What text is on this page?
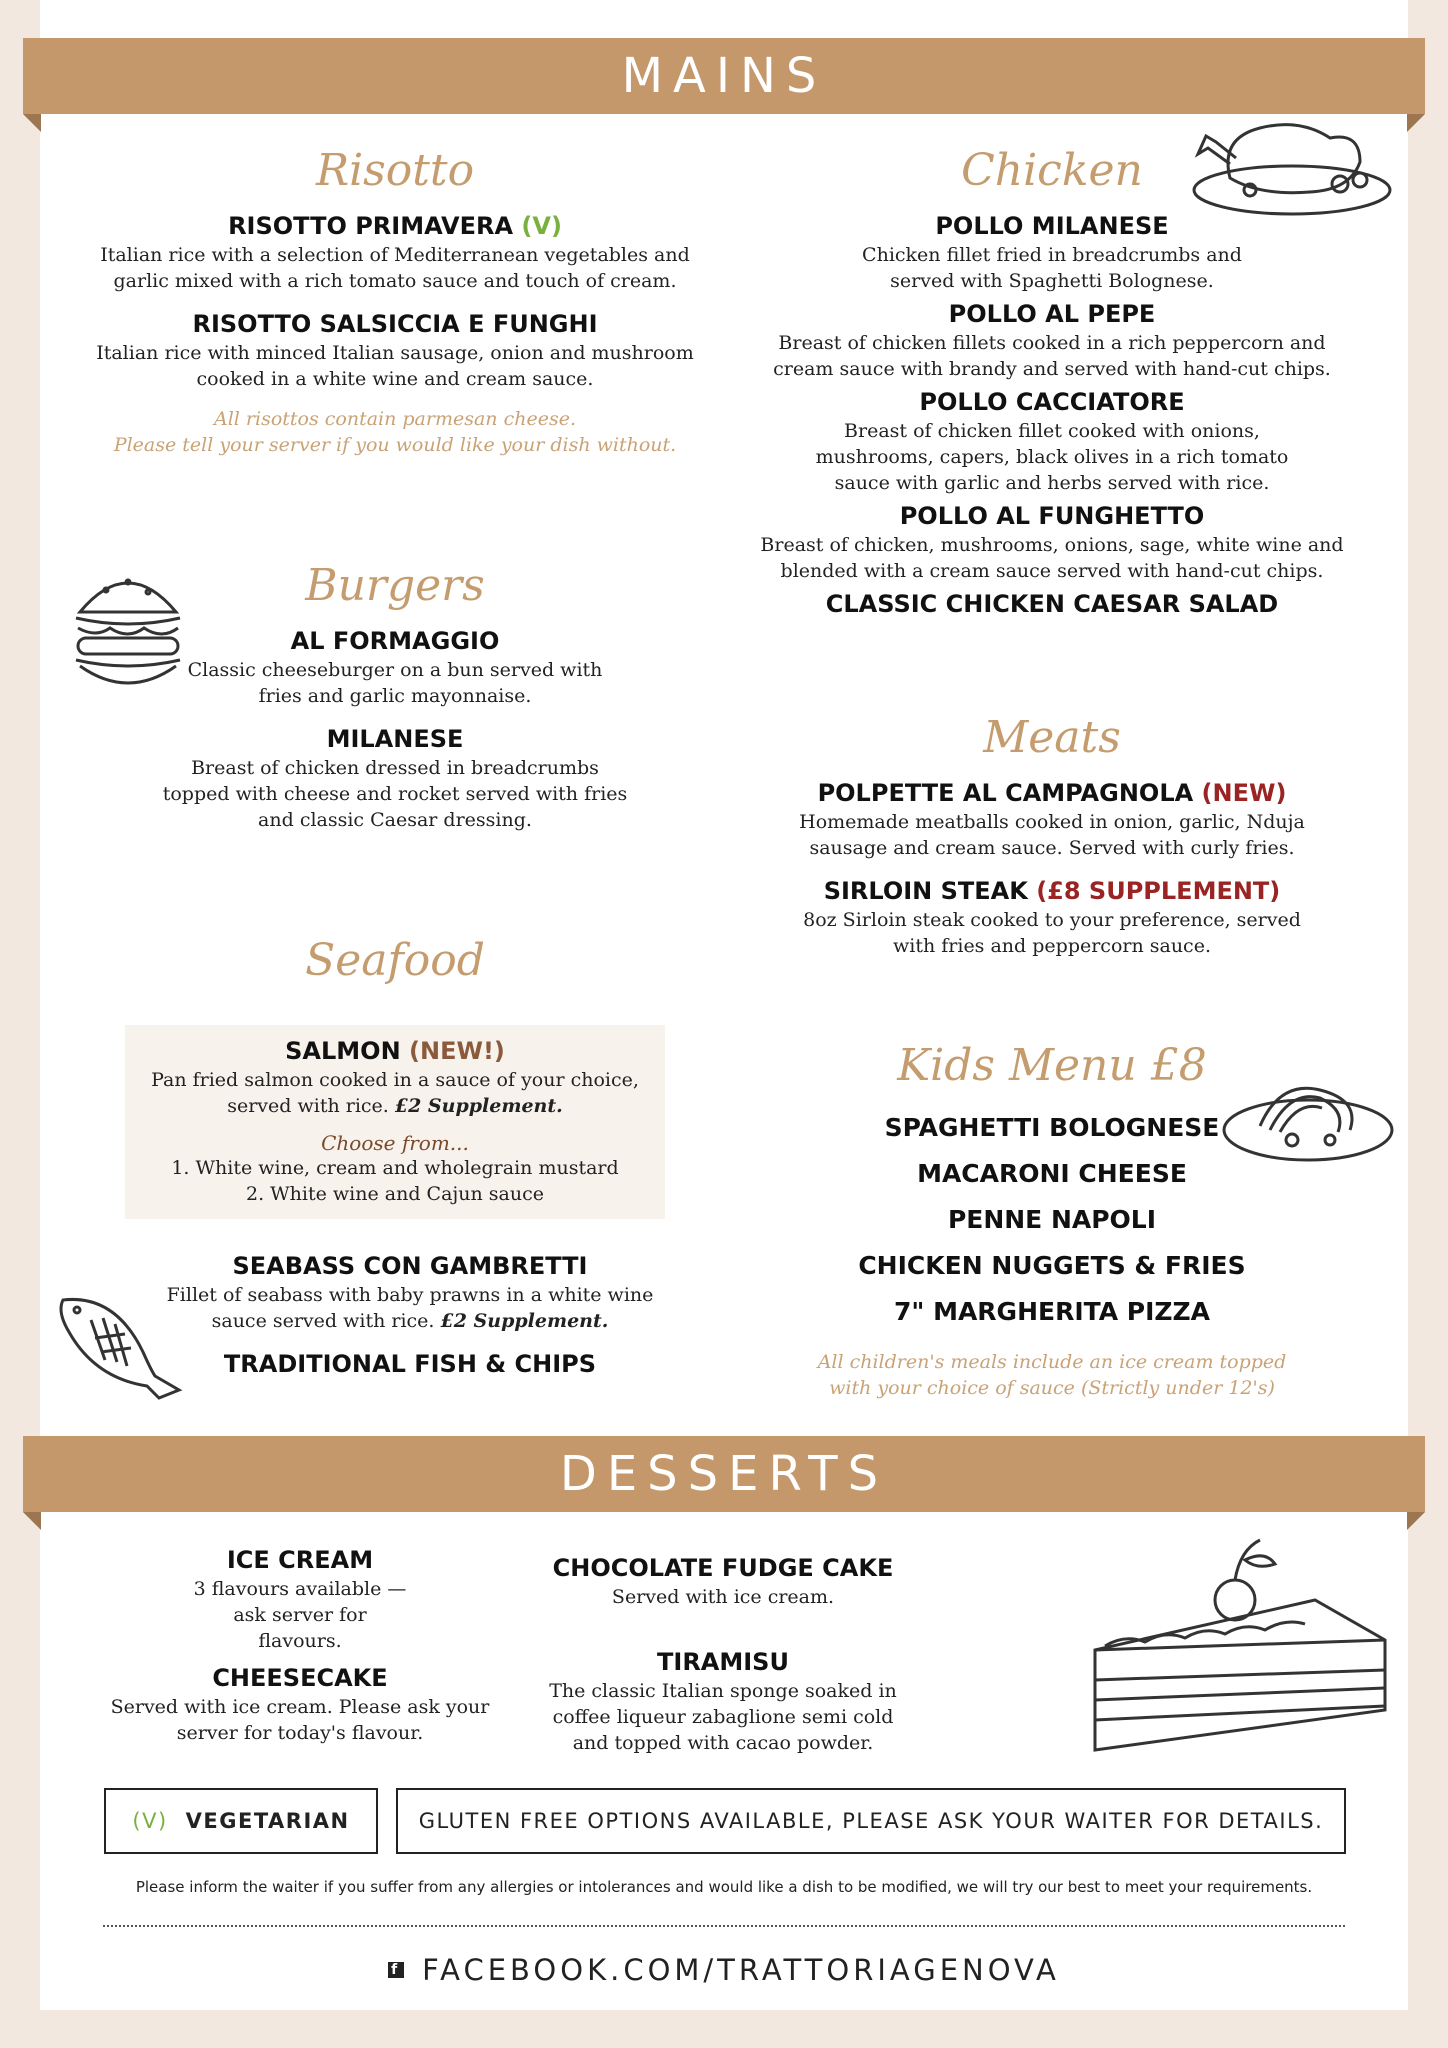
MAINS
Risotto
RISOTTO PRIMAVERA (V)
Italian rice with a selection of Mediterranean vegetables and garlic mixed with a rich tomato sauce and touch of cream.
RISOTTO SALSICCIA E FUNGHI
Italian rice with minced Italian sausage, onion and mushroom cooked in a white wine and cream sauce.
All risottos contain parmesan cheese.
Please tell your server if you would like your dish without.
Burgers
AL FORMAGGIO
Classic cheeseburger on a bun served with fries and garlic mayonnaise.
MILANESE
Breast of chicken dressed in breadcrumbs topped with cheese and rocket served with fries and classic Caesar dressing.
Seafood
SALMON (NEW!)
Pan fried salmon cooked in a sauce of your choice, served with rice. £2 Supplement.
Choose from...
1. White wine, cream and wholegrain mustard
2. White wine and Cajun sauce
SEABASS CON GAMBRETTI
Fillet of seabass with baby prawns in a white wine sauce served with rice. £2 Supplement.
TRADITIONAL FISH & CHIPS
Chicken
POLLO MILANESE
Chicken fillet fried in breadcrumbs and served with Spaghetti Bolognese.
POLLO AL PEPE
Breast of chicken fillets cooked in a rich peppercorn and cream sauce with brandy and served with hand-cut chips.
POLLO CACCIATORE
Breast of chicken fillet cooked with onions, mushrooms, capers, black olives in a rich tomato sauce with garlic and herbs served with rice.
POLLO AL FUNGHETTO
Breast of chicken, mushrooms, onions, sage, white wine and blended with a cream sauce served with hand-cut chips.
CLASSIC CHICKEN CAESAR SALAD
Meats
POLPETTE AL CAMPAGNOLA (NEW)
Homemade meatballs cooked in onion, garlic, Nduja sausage and cream sauce. Served with curly fries.
SIRLOIN STEAK (£8 SUPPLEMENT)
8oz Sirloin steak cooked to your preference, served with fries and peppercorn sauce.
Kids Menu £8
SPAGHETTI BOLOGNESE
MACARONI CHEESE
PENNE NAPOLI
CHICKEN NUGGETS & FRIES
7" MARGHERITA PIZZA
All children's meals include an ice cream topped
with your choice of sauce (Strictly under 12's)
DESSERTS
ICE CREAM
3 flavours available — ask server for flavours.
CHEESECAKE
Served with ice cream. Please ask your server for today's flavour.
CHOCOLATE FUDGE CAKE
Served with ice cream.
TIRAMISU
The classic Italian sponge soaked in coffee liqueur zabaglione semi cold and topped with cacao powder.
(V) VEGETARIAN	GLUTEN FREE OPTIONS AVAILABLE, PLEASE ASK YOUR WAITER FOR DETAILS.
Please inform the waiter if you suffer from any allergies or intolerances and would like a dish to be modified, we will try our best to meet your requirements.
f FACEBOOK.COM/TRATTORIAGENOVA
